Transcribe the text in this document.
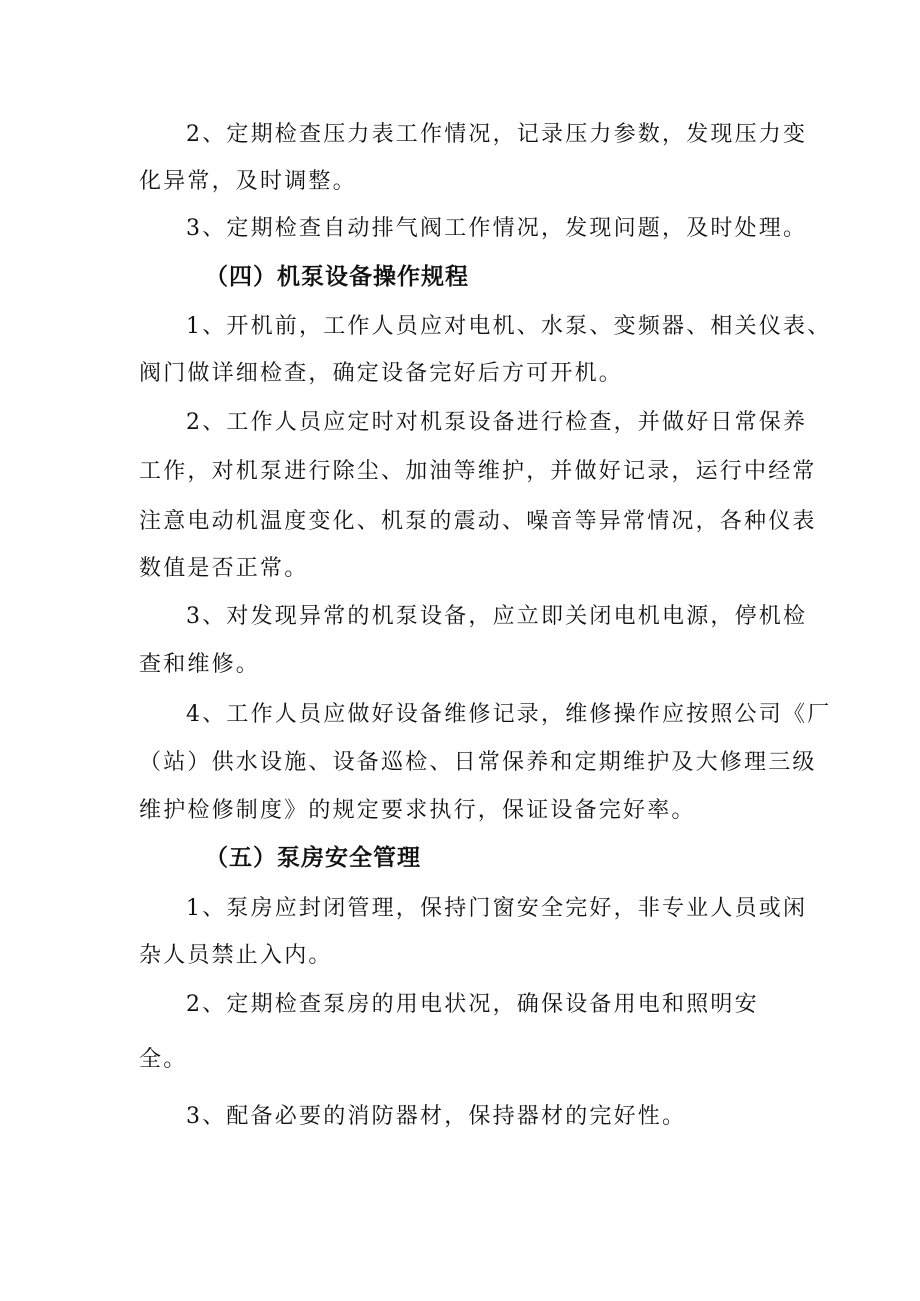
2、定期检查压力表工作情况，记录压力参数，发现压力变
化异常，及时调整。
3、定期检查自动排气阀工作情况，发现问题，及时处理。
（四）机泵设备操作规程
1、开机前，工作人员应对电机、水泵、变频器、相关仪表、
阀门做详细检查，确定设备完好后方可开机。
2、工作人员应定时对机泵设备进行检查，并做好日常保养
工作，对机泵进行除尘、加油等维护，并做好记录，运行中经常
注意电动机温度变化、机泵的震动、噪音等异常情况，各种仪表
数值是否正常。
3、对发现异常的机泵设备，应立即关闭电机电源，停机检
查和维修。
4、工作人员应做好设备维修记录，维修操作应按照公司《厂
（站）供水设施、设备巡检、日常保养和定期维护及大修理三级
维护检修制度》的规定要求执行，保证设备完好率。
（五）泵房安全管理
1、泵房应封闭管理，保持门窗安全完好，非专业人员或闲
杂人员禁止入内。
2、定期检查泵房的用电状况，确保设备用电和照明安
全。
3、配备必要的消防器材，保持器材的完好性。
